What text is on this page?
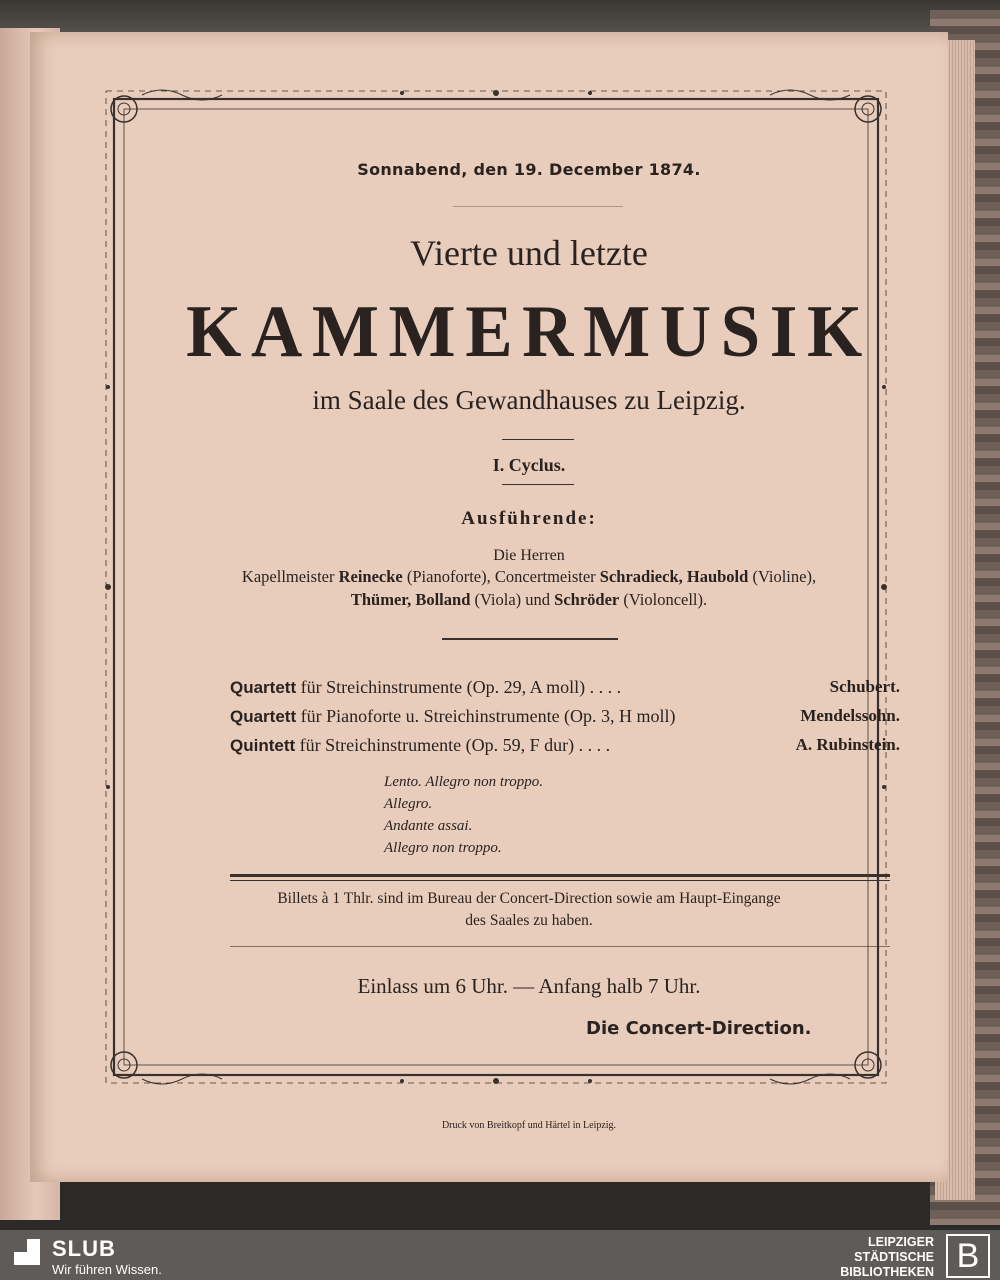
Sonnabend, den 19. December 1874.
Vierte und letzte
KAMMERMUSIK
im Saale des Gewandhauses zu Leipzig.
I. Cyclus.
Ausführende:
Die Herren
Kapellmeister Reinecke (Pianoforte), Concertmeister Schradieck, Haubold (Violine),
Thümer, Bolland (Viola) und Schröder (Violoncell).
Quartett für Streichinstrumente (Op. 29, A moll) . . . .	Schubert.
Quartett für Pianoforte u. Streichinstrumente (Op. 3, H moll)	Mendelssohn.
Quintett für Streichinstrumente (Op. 59, F dur) . . . .	A. Rubinstein.
Lento. Allegro non troppo.
Allegro.
Andante assai.
Allegro non troppo.
Billets à 1 Thlr. sind im Bureau der Concert-Direction sowie am Haupt-Eingange
des Saales zu haben.
Einlass um 6 Uhr. — Anfang halb 7 Uhr.
Die Concert-Direction.
Druck von Breitkopf und Härtel in Leipzig.
SLUB
Wir führen Wissen.
LEIPZIGER
STÄDTISCHE
BIBLIOTHEKEN B
